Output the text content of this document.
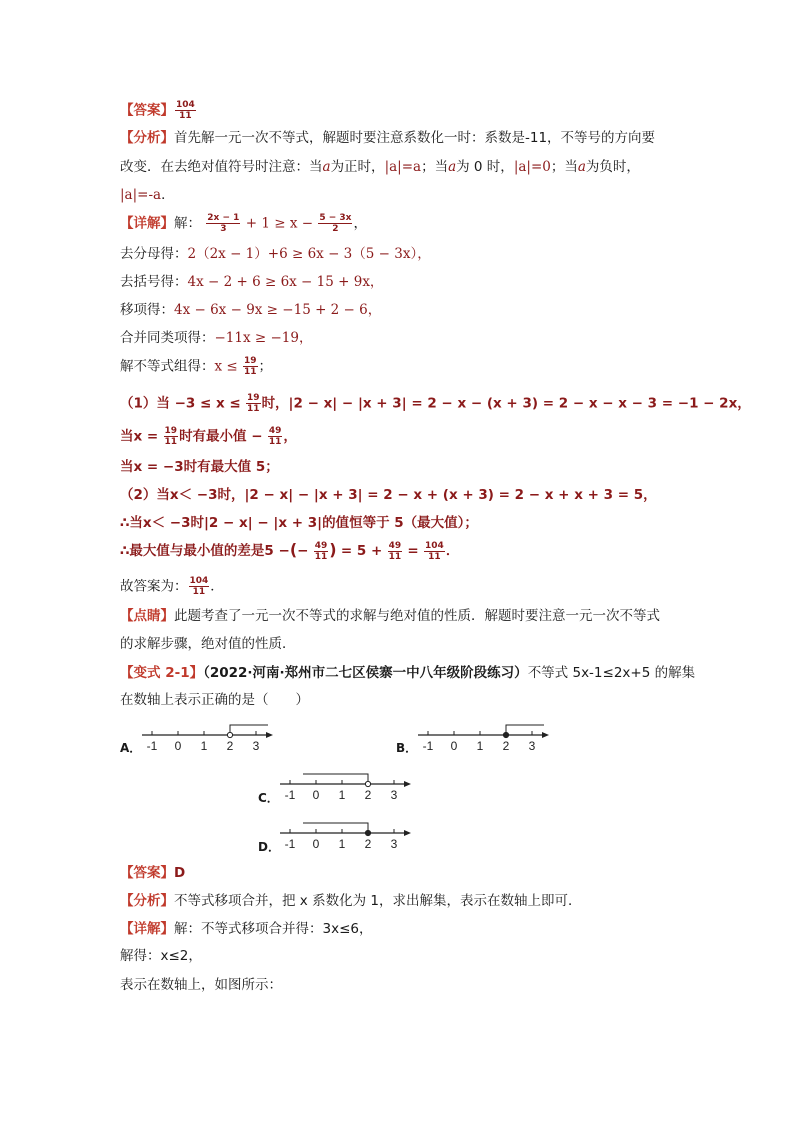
【答案】 $\frac{104}{11}$
【分析】首先解一元一次不等式，解题时要注意系数化一时：系数是-11，不等号的方向要
改变．在去绝对值符号时注意：当a为正时，|a|=a；当a为 0 时，|a|=0；当a为负时，
|a|=-a．
【详解】解： $\frac{2x - 1}{3} + 1 \ge x - \frac{5 - 3x}{2}$ ，
去分母得：2（2x − 1）+6 ≥ 6x − 3（5 − 3x），
去括号得：4x − 2 + 6 ≥ 6x − 15 + 9x，
移项得：4x − 6x − 9x ≥ −15 + 2 − 6，
合并同类项得：−11x ≥ −19，
解不等式组得：$x \le \frac{19}{11}$ ；
（1）当 $-3 \le x \le \frac{19}{11}$ 时，|2 − x| − |x + 3| = 2 − x − (x + 3) = 2 − x − x − 3 = −1 − 2x，
当$x = \frac{19}{11}$ 时有最小值 − $\frac{49}{11}$ ，
当x = −3时有最大值 5；
（2）当x＜ −3时，|2 − x| − |x + 3| = 2 − x + (x + 3) = 2 − x + x + 3 = 5，
∴当x＜ −3时|2 − x| − |x + 3|的值恒等于 5（最大值）；
∴最大值与最小值的差是5 −(− $\frac{49}{11}$ ) = $5 + \frac{49}{11} = \frac{104}{11}$ ．
故答案为： $\frac{104}{11}$ ．
【点睛】此题考查了一元一次不等式的求解与绝对值的性质．解题时要注意一元一次不等式
的求解步骤，绝对值的性质．
【变式 2-1】（2022·河南·郑州市二七区侯寨一中八年级阶段练习）不等式 5x-1≤2x+5 的解集
在数轴上表示正确的是（　　）
A． -1 0 1 2 3	B． -1 0 1 2 3
C． -1 0 1 2 3
D． -1 0 1 2 3
【答案】D
【分析】不等式移项合并，把 x 系数化为 1，求出解集，表示在数轴上即可．
【详解】解：不等式移项合并得：3x≤6，
解得：x≤2，
表示在数轴上，如图所示：
